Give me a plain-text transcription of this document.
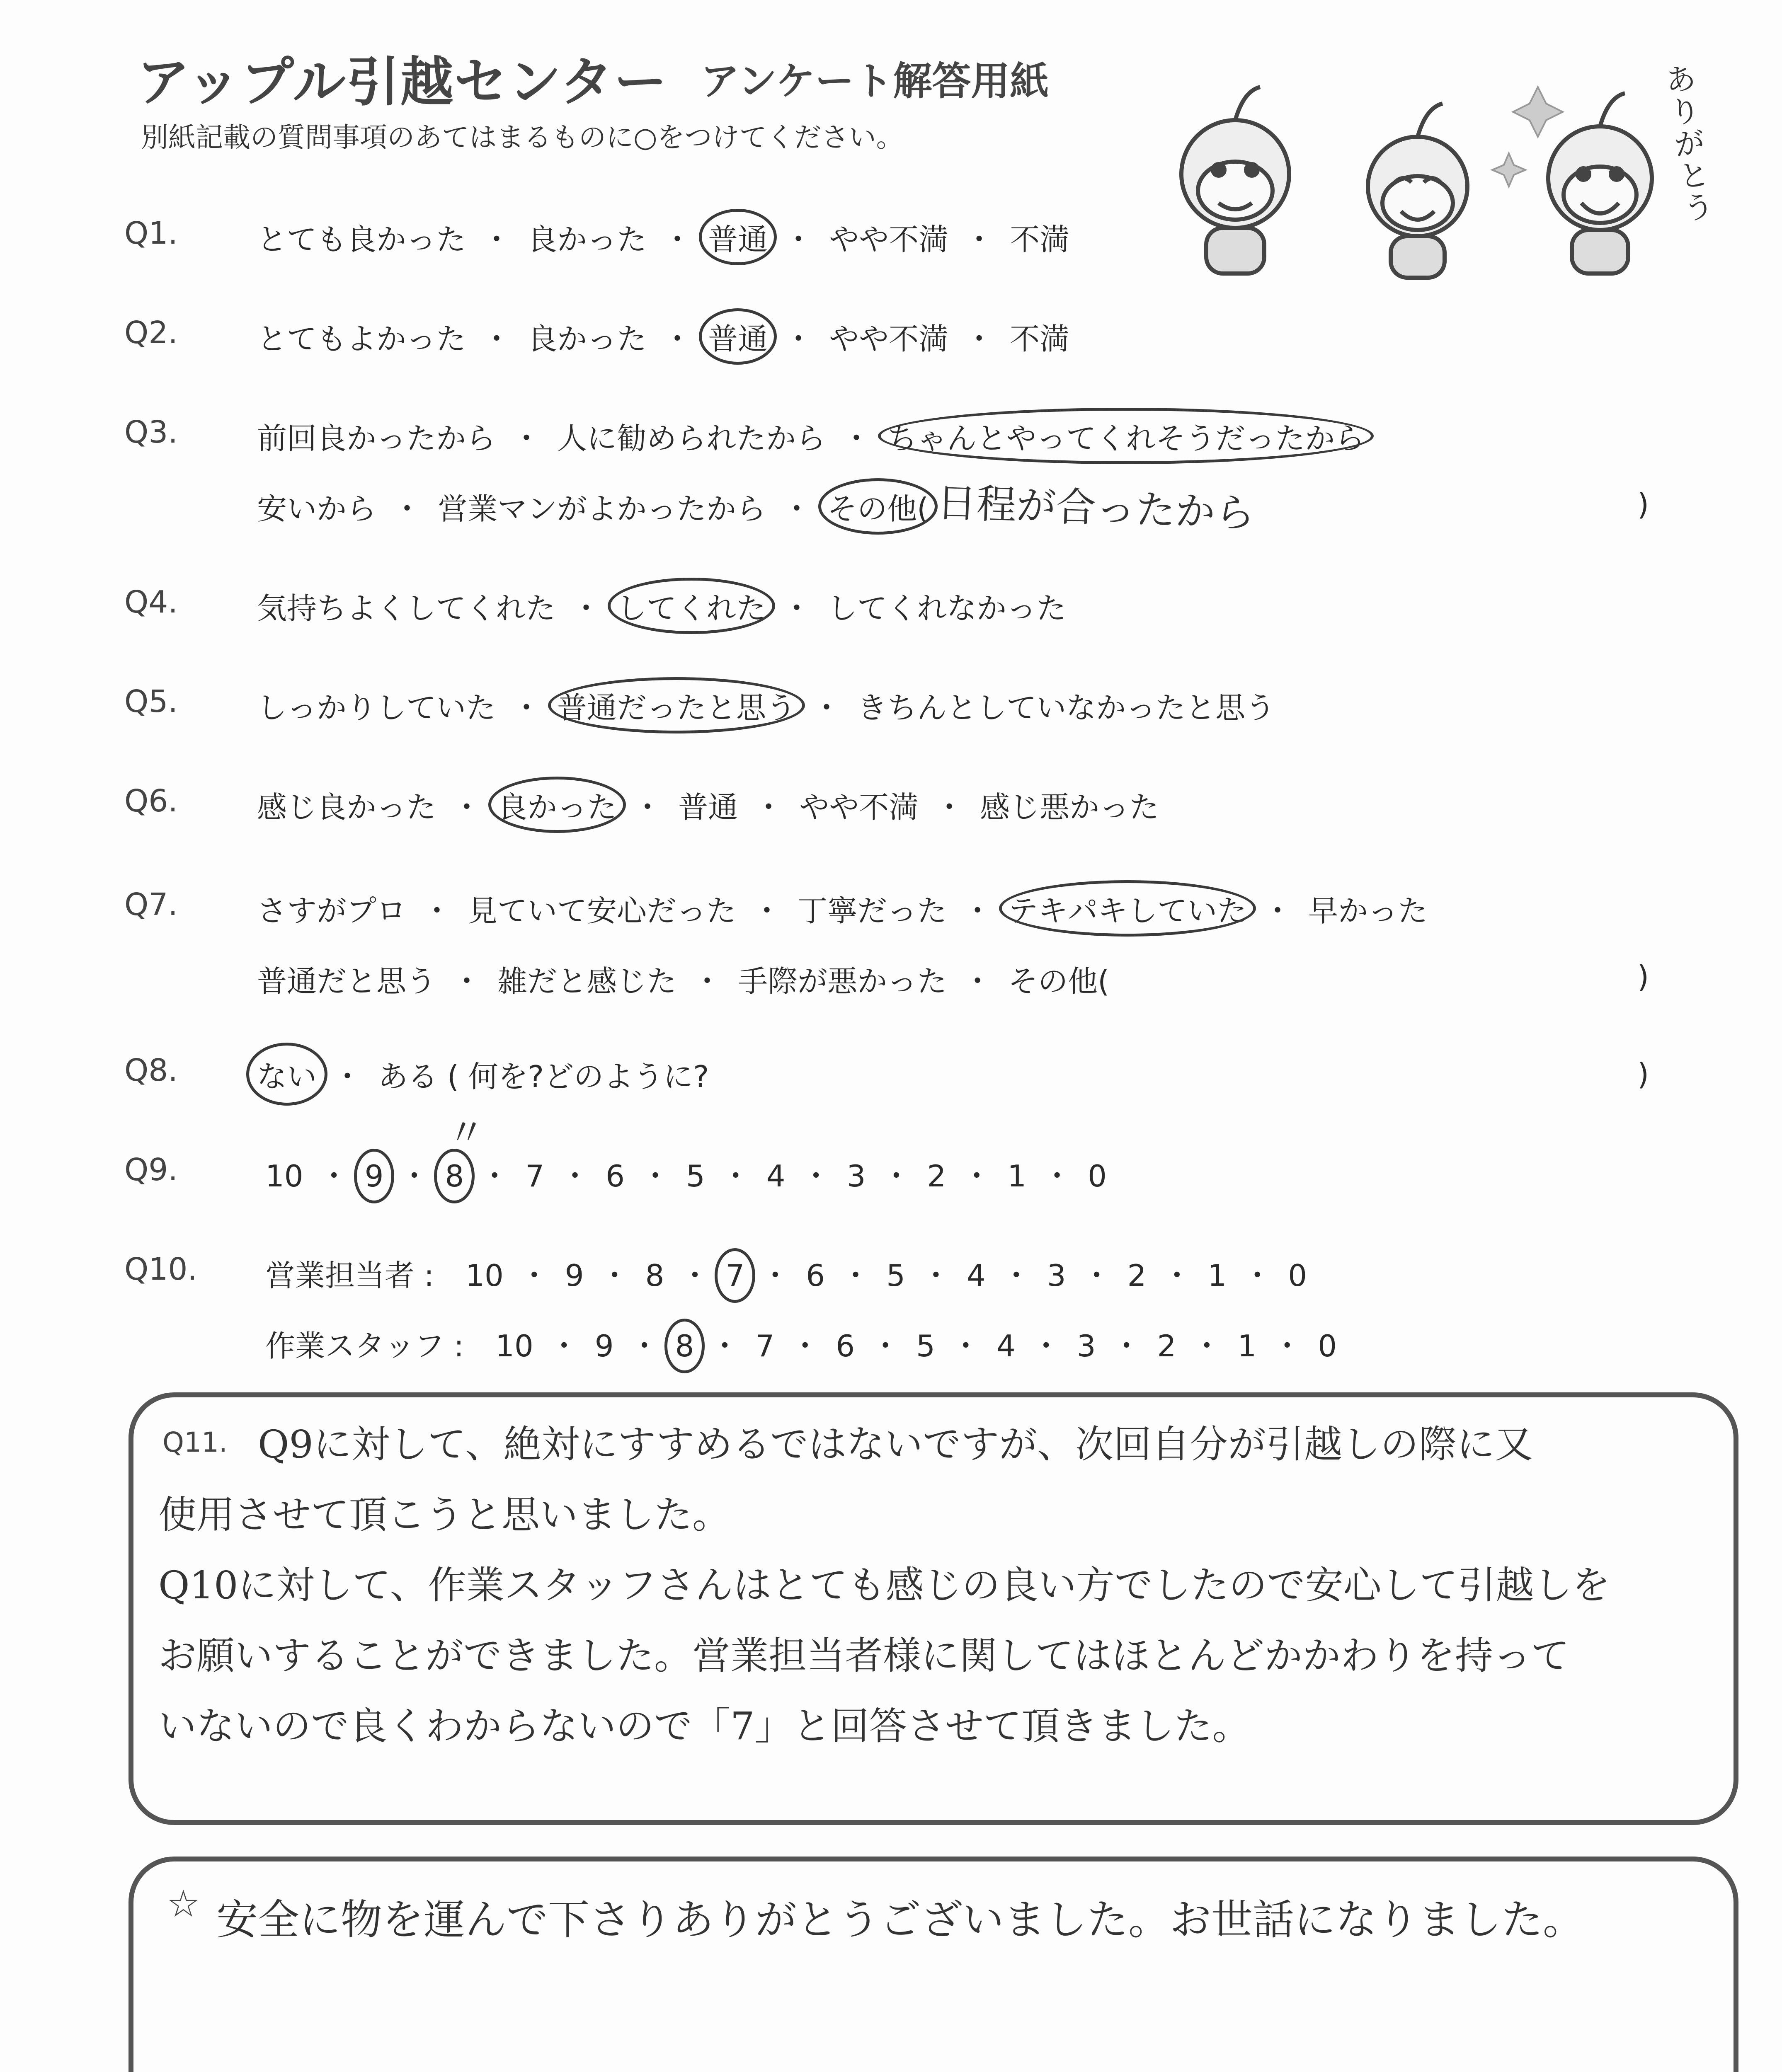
アップル引越センター アンケート解答用紙
別紙記載の質問事項のあてはまるものに○をつけてください。
ありがとう
Q1.	とても良かった ・ 良かった ・ 普通 ・ やや不満 ・ 不満
Q2.	とてもよかった ・ 良かった ・ 普通 ・ やや不満 ・ 不満
Q3.	前回良かったから ・ 人に勧められたから ・ ちゃんとやってくれそうだったから
安いから ・ 営業マンがよかったから ・ その他( 日程が合ったから	)
Q4.	気持ちよくしてくれた ・ してくれた ・ してくれなかった
Q5.	しっかりしていた ・ 普通だったと思う ・ きちんとしていなかったと思う
Q6.	感じ良かった ・ 良かった ・ 普通 ・ やや不満 ・ 感じ悪かった
Q7.	さすがプロ ・ 見ていて安心だった ・ 丁寧だった ・ テキパキしていた ・ 早かった
普通だと思う ・ 雑だと感じた ・ 手際が悪かった ・ その他(	)
Q8.	ない ・ ある ( 何を?どのように?	)
Q9.	10 ・ 9 ・ 8 ・ 7 ・ 6 ・ 5 ・ 4 ・ 3 ・ 2 ・ 1 ・ 0
〃
Q10. 営業担当者 : 10 ・ 9 ・ 8 ・ 7 ・ 6 ・ 5 ・ 4 ・ 3 ・ 2 ・ 1 ・ 0
作業スタッフ : 10 ・ 9 ・ 8 ・ 7 ・ 6 ・ 5 ・ 4 ・ 3 ・ 2 ・ 1 ・ 0
Q11. Q9に対して、絶対にすすめるではないですが、次回自分が引越しの際に又
使用させて頂こうと思いました。
Q10に対して、作業スタッフさんはとても感じの良い方でしたので安心して引越しを
お願いすることができました。営業担当者様に関してはほとんどかかわりを持って
いないので良くわからないので「7」と回答させて頂きました。
☆ 安全に物を運んで下さりありがとうございました。お世話になりました。
